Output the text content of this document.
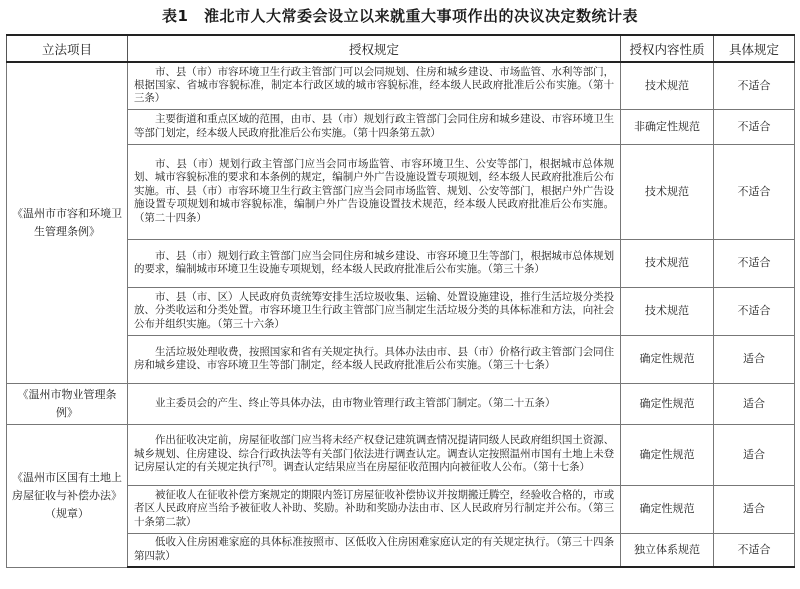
表1　淮北市人大常委会设立以来就重大事项作出的决议决定数统计表
立法项目	授权规定	授权内容性质	具体规定
《温州市市容和环境卫生管理条例》	市、县（市）市容环境卫生行政主管部门可以会同规划、住房和城乡建设、市场监管、水利等部门，根据国家、省城市容貌标准，制定本行政区域的城市容貌标准，经本级人民政府批准后公布实施。（第十三条）	技术规范	不适合
	主要街道和重点区域的范围，由市、县（市）规划行政主管部门会同住房和城乡建设、市容环境卫生等部门划定，经本级人民政府批准后公布实施。（第十四条第五款）	非确定性规范	不适合
	市、县（市）规划行政主管部门应当会同市场监管、市容环境卫生、公安等部门，根据城市总体规划、城市容貌标准的要求和本条例的规定，编制户外广告设施设置专项规划，经本级人民政府批准后公布实施。市、县（市）市容环境卫生行政主管部门应当会同市场监管、规划、公安等部门，根据户外广告设施设置专项规划和城市容貌标准，编制户外广告设施设置技术规范，经本级人民政府批准后公布实施。（第二十四条）	技术规范	不适合
	市、县（市）规划行政主管部门应当会同住房和城乡建设、市容环境卫生等部门，根据城市总体规划的要求，编制城市环境卫生设施专项规划，经本级人民政府批准后公布实施。（第三十条）	技术规范	不适合
	市、县（市、区）人民政府负责统筹安排生活垃圾收集、运输、处置设施建设，推行生活垃圾分类投放、分类收运和分类处置。市容环境卫生行政主管部门应当制定生活垃圾分类的具体标准和方法，向社会公布并组织实施。（第三十六条）	技术规范	不适合
	生活垃圾处理收费，按照国家和省有关规定执行。具体办法由市、县（市）价格行政主管部门会同住房和城乡建设、市容环境卫生等部门制定，经本级人民政府批准后公布实施。（第三十七条）	确定性规范	适合
《温州市物业管理条例》	业主委员会的产生、终止等具体办法，由市物业管理行政主管部门制定。（第二十五条）	确定性规范	适合
《温州市区国有土地上房屋征收与补偿办法》（规章）	作出征收决定前，房屋征收部门应当将未经产权登记建筑调查情况提请同级人民政府组织国土资源、城乡规划、住房建设、综合行政执法等有关部门依法进行调查认定。调查认定按照温州市国有土地上未登记房屋认定的有关规定执行[78]。调查认定结果应当在房屋征收范围内向被征收人公布。（第十七条）	确定性规范	适合
	被征收人在征收补偿方案规定的期限内签订房屋征收补偿协议并按期搬迁腾空，经验收合格的，市或者区人民政府应当给予被征收人补助、奖励。补助和奖励办法由市、区人民政府另行制定并公布。（第三十条第二款）	确定性规范	适合
	低收入住房困难家庭的具体标准按照市、区低收入住房困难家庭认定的有关规定执行。（第三十四条第四款）	独立体系规范	不适合
